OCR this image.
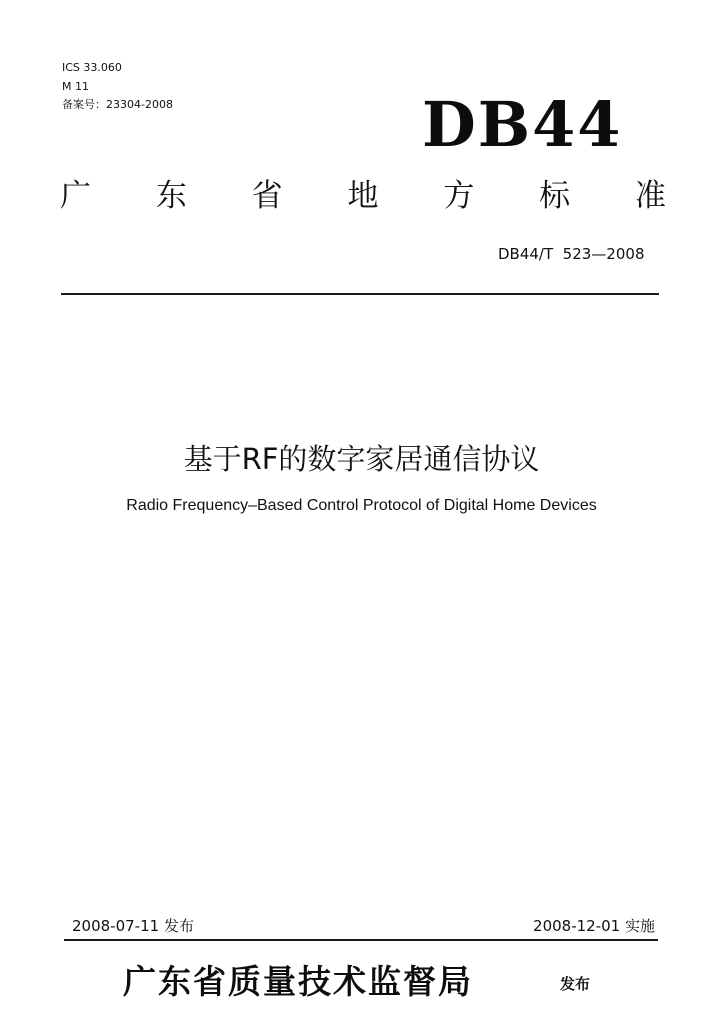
ICS 33.060
M 11
备案号：23304-2008	DB44
广 东 省 地 方 标 准
DB44/T  523—2008
基于RF的数字家居通信协议
Radio Frequency–Based Control Protocol of Digital Home Devices
2008-07-11 发布	2008-12-01 实施
广东省质量技术监督局	发布
